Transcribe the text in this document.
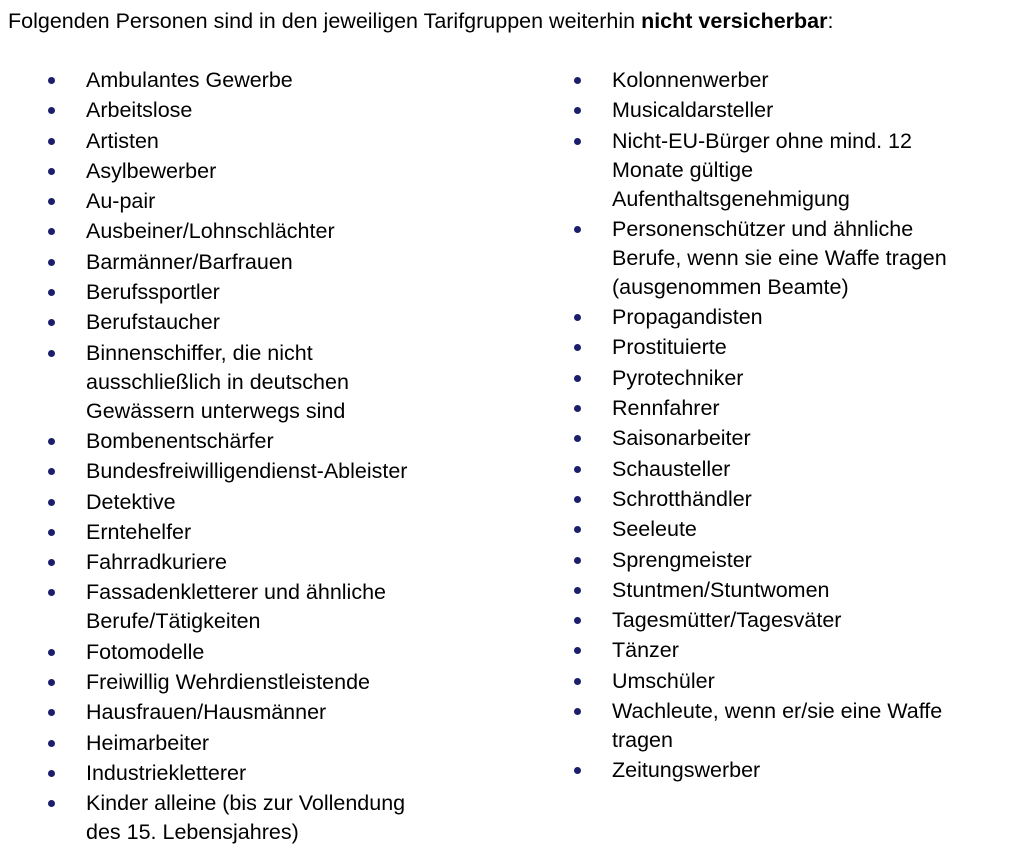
Folgenden Personen sind in den jeweiligen Tarifgruppen weiterhin nicht versicherbar:
Ambulantes Gewerbe
Arbeitslose
Artisten
Asylbewerber
Au-pair
Ausbeiner/Lohnschlächter
Barmänner/Barfrauen
Berufssportler
Berufstaucher
Binnenschiffer, die nicht
ausschließlich in deutschen
Gewässern unterwegs sind
Bombenentschärfer
Bundesfreiwilligendienst-Ableister
Detektive
Erntehelfer
Fahrradkuriere
Fassadenkletterer und ähnliche
Berufe/Tätigkeiten
Fotomodelle
Freiwillig Wehrdienstleistende
Hausfrauen/Hausmänner
Heimarbeiter
Industriekletterer
Kinder alleine (bis zur Vollendung
des 15. Lebensjahres)
Kolonnenwerber
Musicaldarsteller
Nicht-EU-Bürger ohne mind. 12
Monate gültige
Aufenthaltsgenehmigung
Personenschützer und ähnliche
Berufe, wenn sie eine Waffe tragen
(ausgenommen Beamte)
Propagandisten
Prostituierte
Pyrotechniker
Rennfahrer
Saisonarbeiter
Schausteller
Schrotthändler
Seeleute
Sprengmeister
Stuntmen/Stuntwomen
Tagesmütter/Tagesväter
Tänzer
Umschüler
Wachleute, wenn er/sie eine Waffe
tragen
Zeitungswerber
